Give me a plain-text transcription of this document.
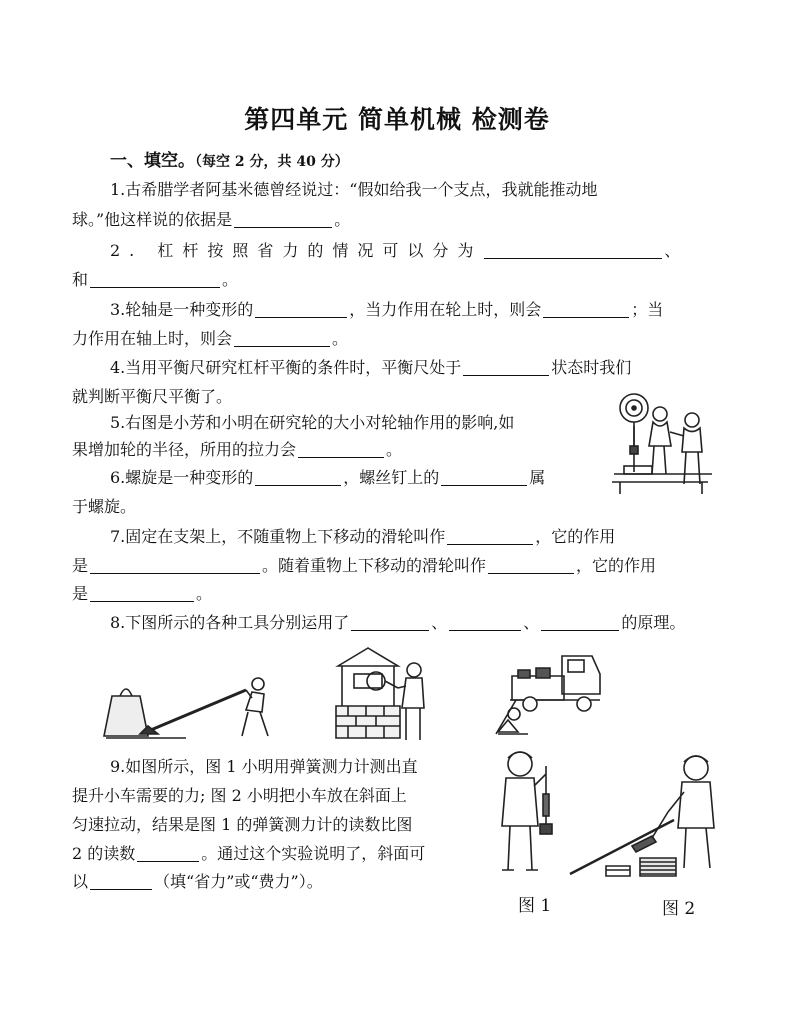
第四单元 简单机械 检测卷
一、填空。（每空 2 分，共 40 分）
1.古希腊学者阿基米德曾经说过：“假如给我一个支点，我就能推动地
球。”他这样说的依据是	。
2. 杠杆按照省力的情况可以分为	、
和	。
3.轮轴是一种变形的	，当力作用在轮上时，则会	；当
力作用在轴上时，则会	。
4.当用平衡尺研究杠杆平衡的条件时，平衡尺处于	状态时我们
就判断平衡尺平衡了。
5.右图是小芳和小明在研究轮的大小对轮轴作用的影响,如
果增加轮的半径，所用的拉力会	。
6.螺旋是一种变形的	，螺丝钉上的	属
于螺旋。
7.固定在支架上，不随重物上下移动的滑轮叫作	，它的作用
是	。随着重物上下移动的滑轮叫作	，它的作用
是	。
8.下图所示的各种工具分别运用了	、	、	的原理。
9.如图所示，图 1 小明用弹簧测力计测出直
提升小车需要的力; 图 2 小明把小车放在斜面上
匀速拉动，结果是图 1 的弹簧测力计的读数比图
2 的读数	。通过这个实验说明了，斜面可
以	（填“省力”或“费力”）。
图 1	图 2
